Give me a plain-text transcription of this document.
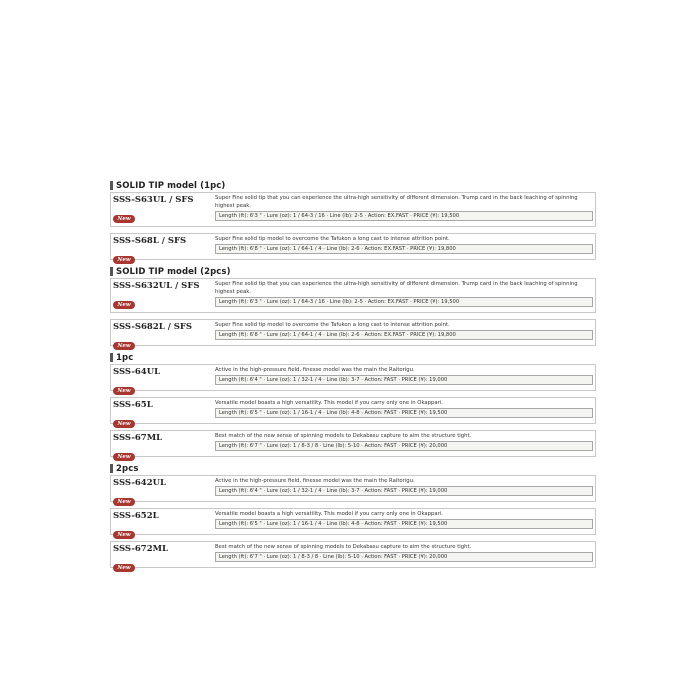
SOLID TIP model (1pc)
SSS-S63UL / SFS
New
Super Fine solid tip that you can experience the ultra-high sensitivity of different dimension. Trump card in the back leaching of spinning highest peak.
Length (ft): 6'3 " · Lure (oz): 1 / 64-3 / 16 · Line (lb): 2-5 · Action: EX.FAST · PRICE (¥): 19,500
SSS-S68L / SFS
New
Super Fine solid tip model to overcome the Tafukon a long cast to intense attrition point.
Length (ft): 6'8 " · Lure (oz): 1 / 64-1 / 4 · Line (lb): 2-6 · Action: EX.FAST · PRICE (¥): 19,800
SOLID TIP model (2pcs)
SSS-S632UL / SFS
New
Super Fine solid tip that you can experience the ultra-high sensitivity of different dimension. Trump card in the back leaching of spinning highest peak.
Length (ft): 6'3 " · Lure (oz): 1 / 64-3 / 16 · Line (lb): 2-5 · Action: EX.FAST · PRICE (¥): 19,500
SSS-S682L / SFS
New
Super Fine solid tip model to overcome the Tafukon a long cast to intense attrition point.
Length (ft): 6'8 " · Lure (oz): 1 / 64-1 / 4 · Line (lb): 2-6 · Action: EX.FAST · PRICE (¥): 19,800
1pc
SSS-64UL
New
Active in the high-pressure field, finesse model was the main the Raitorigu.
Length (ft): 6'4 " · Lure (oz): 1 / 32-1 / 4 · Line (lb): 3-7 · Action: FAST · PRICE (¥): 19,000
SSS-65L
New
Versatile model boasts a high versatility. This model if you carry only one in Okappari.
Length (ft): 6'5 " · Lure (oz): 1 / 16-1 / 4 · Line (lb): 4-8 · Action: FAST · PRICE (¥): 19,500
SSS-67ML
New
Best match of the new sense of spinning models to Dekabasu capture to aim the structure tight.
Length (ft): 6'7 " · Lure (oz): 1 / 8-3 / 8 · Line (lb): 5-10 · Action: FAST · PRICE (¥): 20,000
2pcs
SSS-642UL
New
Active in the high-pressure field, finesse model was the main the Raitorigu.
Length (ft): 6'4 " · Lure (oz): 1 / 32-1 / 4 · Line (lb): 3-7 · Action: FAST · PRICE (¥): 19,000
SSS-652L
New
Versatile model boasts a high versatility. This model if you carry only one in Okappari.
Length (ft): 6'5 " · Lure (oz): 1 / 16-1 / 4 · Line (lb): 4-8 · Action: FAST · PRICE (¥): 19,500
SSS-672ML
New
Best match of the new sense of spinning models to Dekabasu capture to aim the structure tight.
Length (ft): 6'7 " · Lure (oz): 1 / 8-3 / 8 · Line (lb): 5-10 · Action: FAST · PRICE (¥): 20,000
